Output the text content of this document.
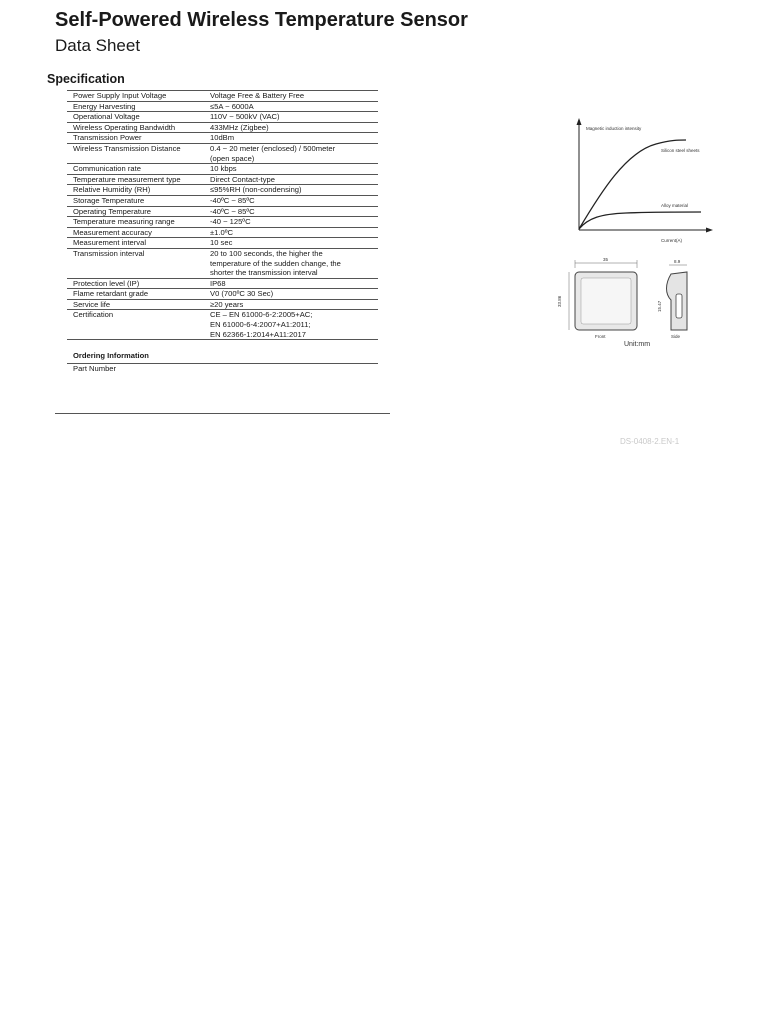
Self-Powered Wireless Temperature Sensor
Data Sheet
Specification
Power Supply Input Voltage	Voltage Free & Battery Free
Energy Harvesting	≤5A ~ 6000A
Operational Voltage	110V ~ 500kV (VAC)
Wireless Operating Bandwidth	433MHz (Zigbee)
Transmission Power	10dBm
Wireless Transmission Distance	0.4 ~ 20 meter (enclosed) / 500meter
(open space)

Communication rate	10 kbps
Temperature measurement type	Direct Contact-type
Relative Humidity (RH)	≤95%RH (non-condensing)
Storage Temperature	-40ºC ~ 85ºC
Operating Temperature	-40ºC ~ 85ºC
Temperature measuring range	-40 ~ 125ºC
Measurement accuracy	±1.0ºC
Measurement interval	10 sec
Transmission interval	20 to 100 seconds, the higher the
temperature of the sudden change, the
shorter the transmission interval

Protection level (IP)	IP68
Flame retardant grade	V0 (700ºC 30 Sec)
Service life	≥20 years
Certification	CE – EN 61000-6-2:2005+AC;
EN 61000-6-4:2007+A1:2011;
EN 62366-1:2014+A11:2017

Ordering Information	
Part Number	
Magnetic induction intensity
Silicon steel sheets
Alloy material
Current(A)
35
33.86
Front
8.9
15.47
Side
Unit:mm
DS-0408-2.EN-1
